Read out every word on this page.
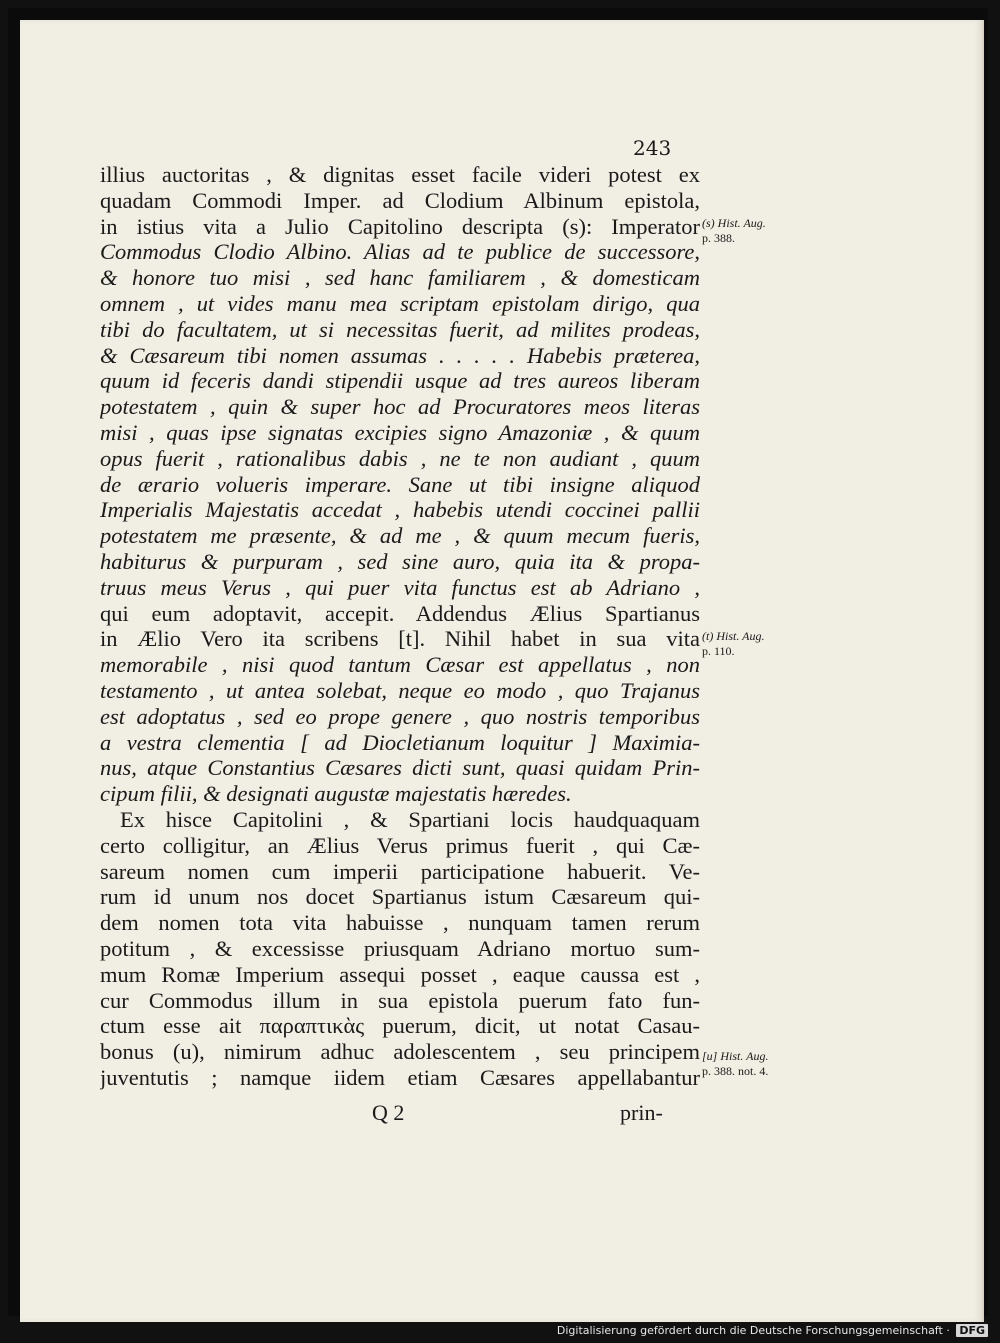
243
illius auctoritas , & dignitas esset facile videri potest ex
quadam Commodi Imper. ad Clodium Albinum epistola,
in istius vita a Julio Capitolino descripta (s): Imperator
Commodus Clodio Albino. Alias ad te publice de successore,
& honore tuo misi , sed hanc familiarem , & domesticam
omnem , ut vides manu mea scriptam epistolam dirigo, qua
tibi do facultatem, ut si necessitas fuerit, ad milites prodeas,
& Cæsareum tibi nomen assumas . . . . . Habebis præterea,
quum id feceris dandi stipendii usque ad tres aureos liberam
potestatem , quin & super hoc ad Procuratores meos literas
misi , quas ipse signatas excipies signo Amazoniæ , & quum
opus fuerit , rationalibus dabis , ne te non audiant , quum
de ærario volueris imperare. Sane ut tibi insigne aliquod
Imperialis Majestatis accedat , habebis utendi coccinei pallii
potestatem me præsente, & ad me , & quum mecum fueris,
habiturus & purpuram , sed sine auro, quia ita & propa-
truus meus Verus , qui puer vita functus est ab Adriano ,
qui eum adoptavit, accepit. Addendus Ælius Spartianus
in Ælio Vero ita scribens [t]. Nihil habet in sua vita
memorabile , nisi quod tantum Cæsar est appellatus , non
testamento , ut antea solebat, neque eo modo , quo Trajanus
est adoptatus , sed eo prope genere , quo nostris temporibus
a vestra clementia [ ad Diocletianum loquitur ] Maximia-
nus, atque Constantius Cæsares dicti sunt, quasi quidam Prin-
cipum filii, & designati augustæ majestatis hæredes.
Ex hisce Capitolini , & Spartiani locis haudquaquam
certo colligitur, an Ælius Verus primus fuerit , qui Cæ-
sareum nomen cum imperii participatione habuerit. Ve-
rum id unum nos docet Spartianus istum Cæsareum qui-
dem nomen tota vita habuisse , nunquam tamen rerum
potitum , & excessisse priusquam Adriano mortuo sum-
mum Romæ Imperium assequi posset , eaque caussa est ,
cur Commodus illum in sua epistola puerum fato fun-
ctum esse ait παραπτικὰς puerum, dicit, ut notat Casau-
bonus (u), nimirum adhuc adolescentem , seu principem
juventutis ; namque iidem etiam Cæsares appellabantur
(s) Hist. Aug.
p. 388.
(t) Hist. Aug.
p. 110.
[u] Hist. Aug.
p. 388. not. 4.
Q 2	prin-
Digitalisierung gefördert durch die Deutsche Forschungsgemeinschaft · DFG
